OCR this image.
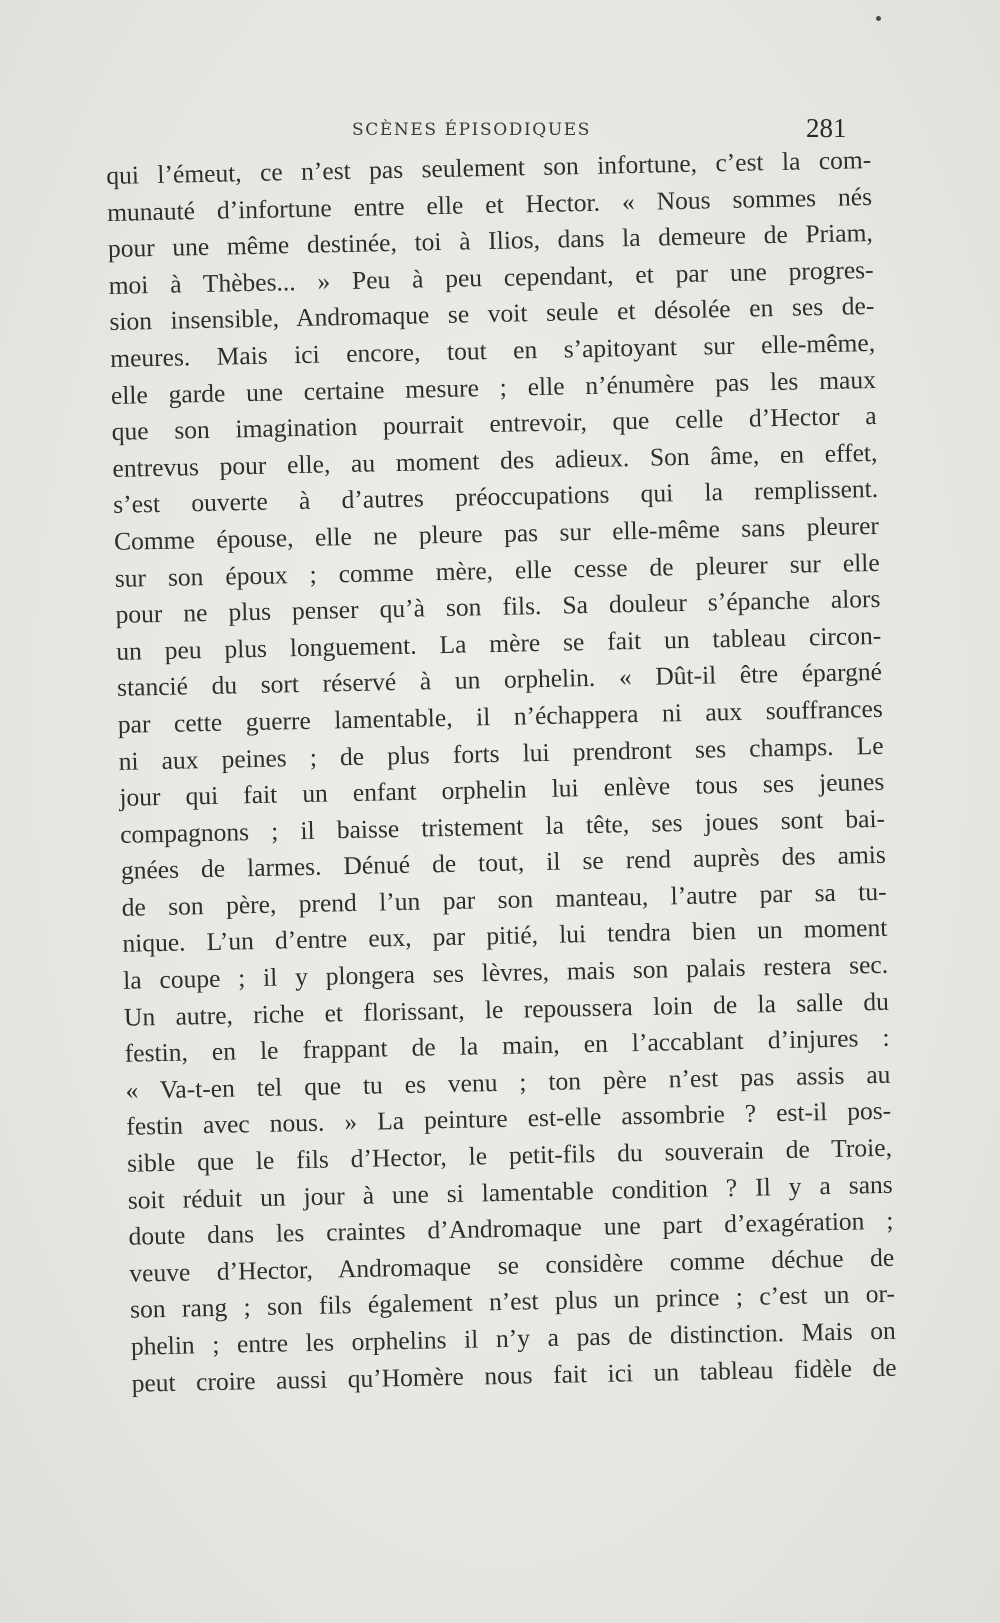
SCÈNES ÉPISODIQUES	281
qui l’émeut, ce n’est pas seulement son infortune, c’est la com-
munauté d’infortune entre elle et Hector. « Nous sommes nés
pour une même destinée, toi à Ilios, dans la demeure de Priam,
moi à Thèbes... » Peu à peu cependant, et par une progres-
sion insensible, Andromaque se voit seule et désolée en ses de-
meures. Mais ici encore, tout en s’apitoyant sur elle-même,
elle garde une certaine mesure ; elle n’énumère pas les maux
que son imagination pourrait entrevoir, que celle d’Hector a
entrevus pour elle, au moment des adieux. Son âme, en effet,
s’est ouverte à d’autres préoccupations qui la remplissent.
Comme épouse, elle ne pleure pas sur elle-même sans pleurer
sur son époux ; comme mère, elle cesse de pleurer sur elle
pour ne plus penser qu’à son fils. Sa douleur s’épanche alors
un peu plus longuement. La mère se fait un tableau circon-
stancié du sort réservé à un orphelin. « Dût-il être épargné
par cette guerre lamentable, il n’échappera ni aux souffrances
ni aux peines ; de plus forts lui prendront ses champs. Le
jour qui fait un enfant orphelin lui enlève tous ses jeunes
compagnons ; il baisse tristement la tête, ses joues sont bai-
gnées de larmes. Dénué de tout, il se rend auprès des amis
de son père, prend l’un par son manteau, l’autre par sa tu-
nique. L’un d’entre eux, par pitié, lui tendra bien un moment
la coupe ; il y plongera ses lèvres, mais son palais restera sec.
Un autre, riche et florissant, le repoussera loin de la salle du
festin, en le frappant de la main, en l’accablant d’injures :
« Va-t-en tel que tu es venu ; ton père n’est pas assis au
festin avec nous. » La peinture est-elle assombrie ? est-il pos-
sible que le fils d’Hector, le petit-fils du souverain de Troie,
soit réduit un jour à une si lamentable condition ? Il y a sans
doute dans les craintes d’Andromaque une part d’exagération ;
veuve d’Hector, Andromaque se considère comme déchue de
son rang ; son fils également n’est plus un prince ; c’est un or-
phelin ; entre les orphelins il n’y a pas de distinction. Mais on
peut croire aussi qu’Homère nous fait ici un tableau fidèle de
